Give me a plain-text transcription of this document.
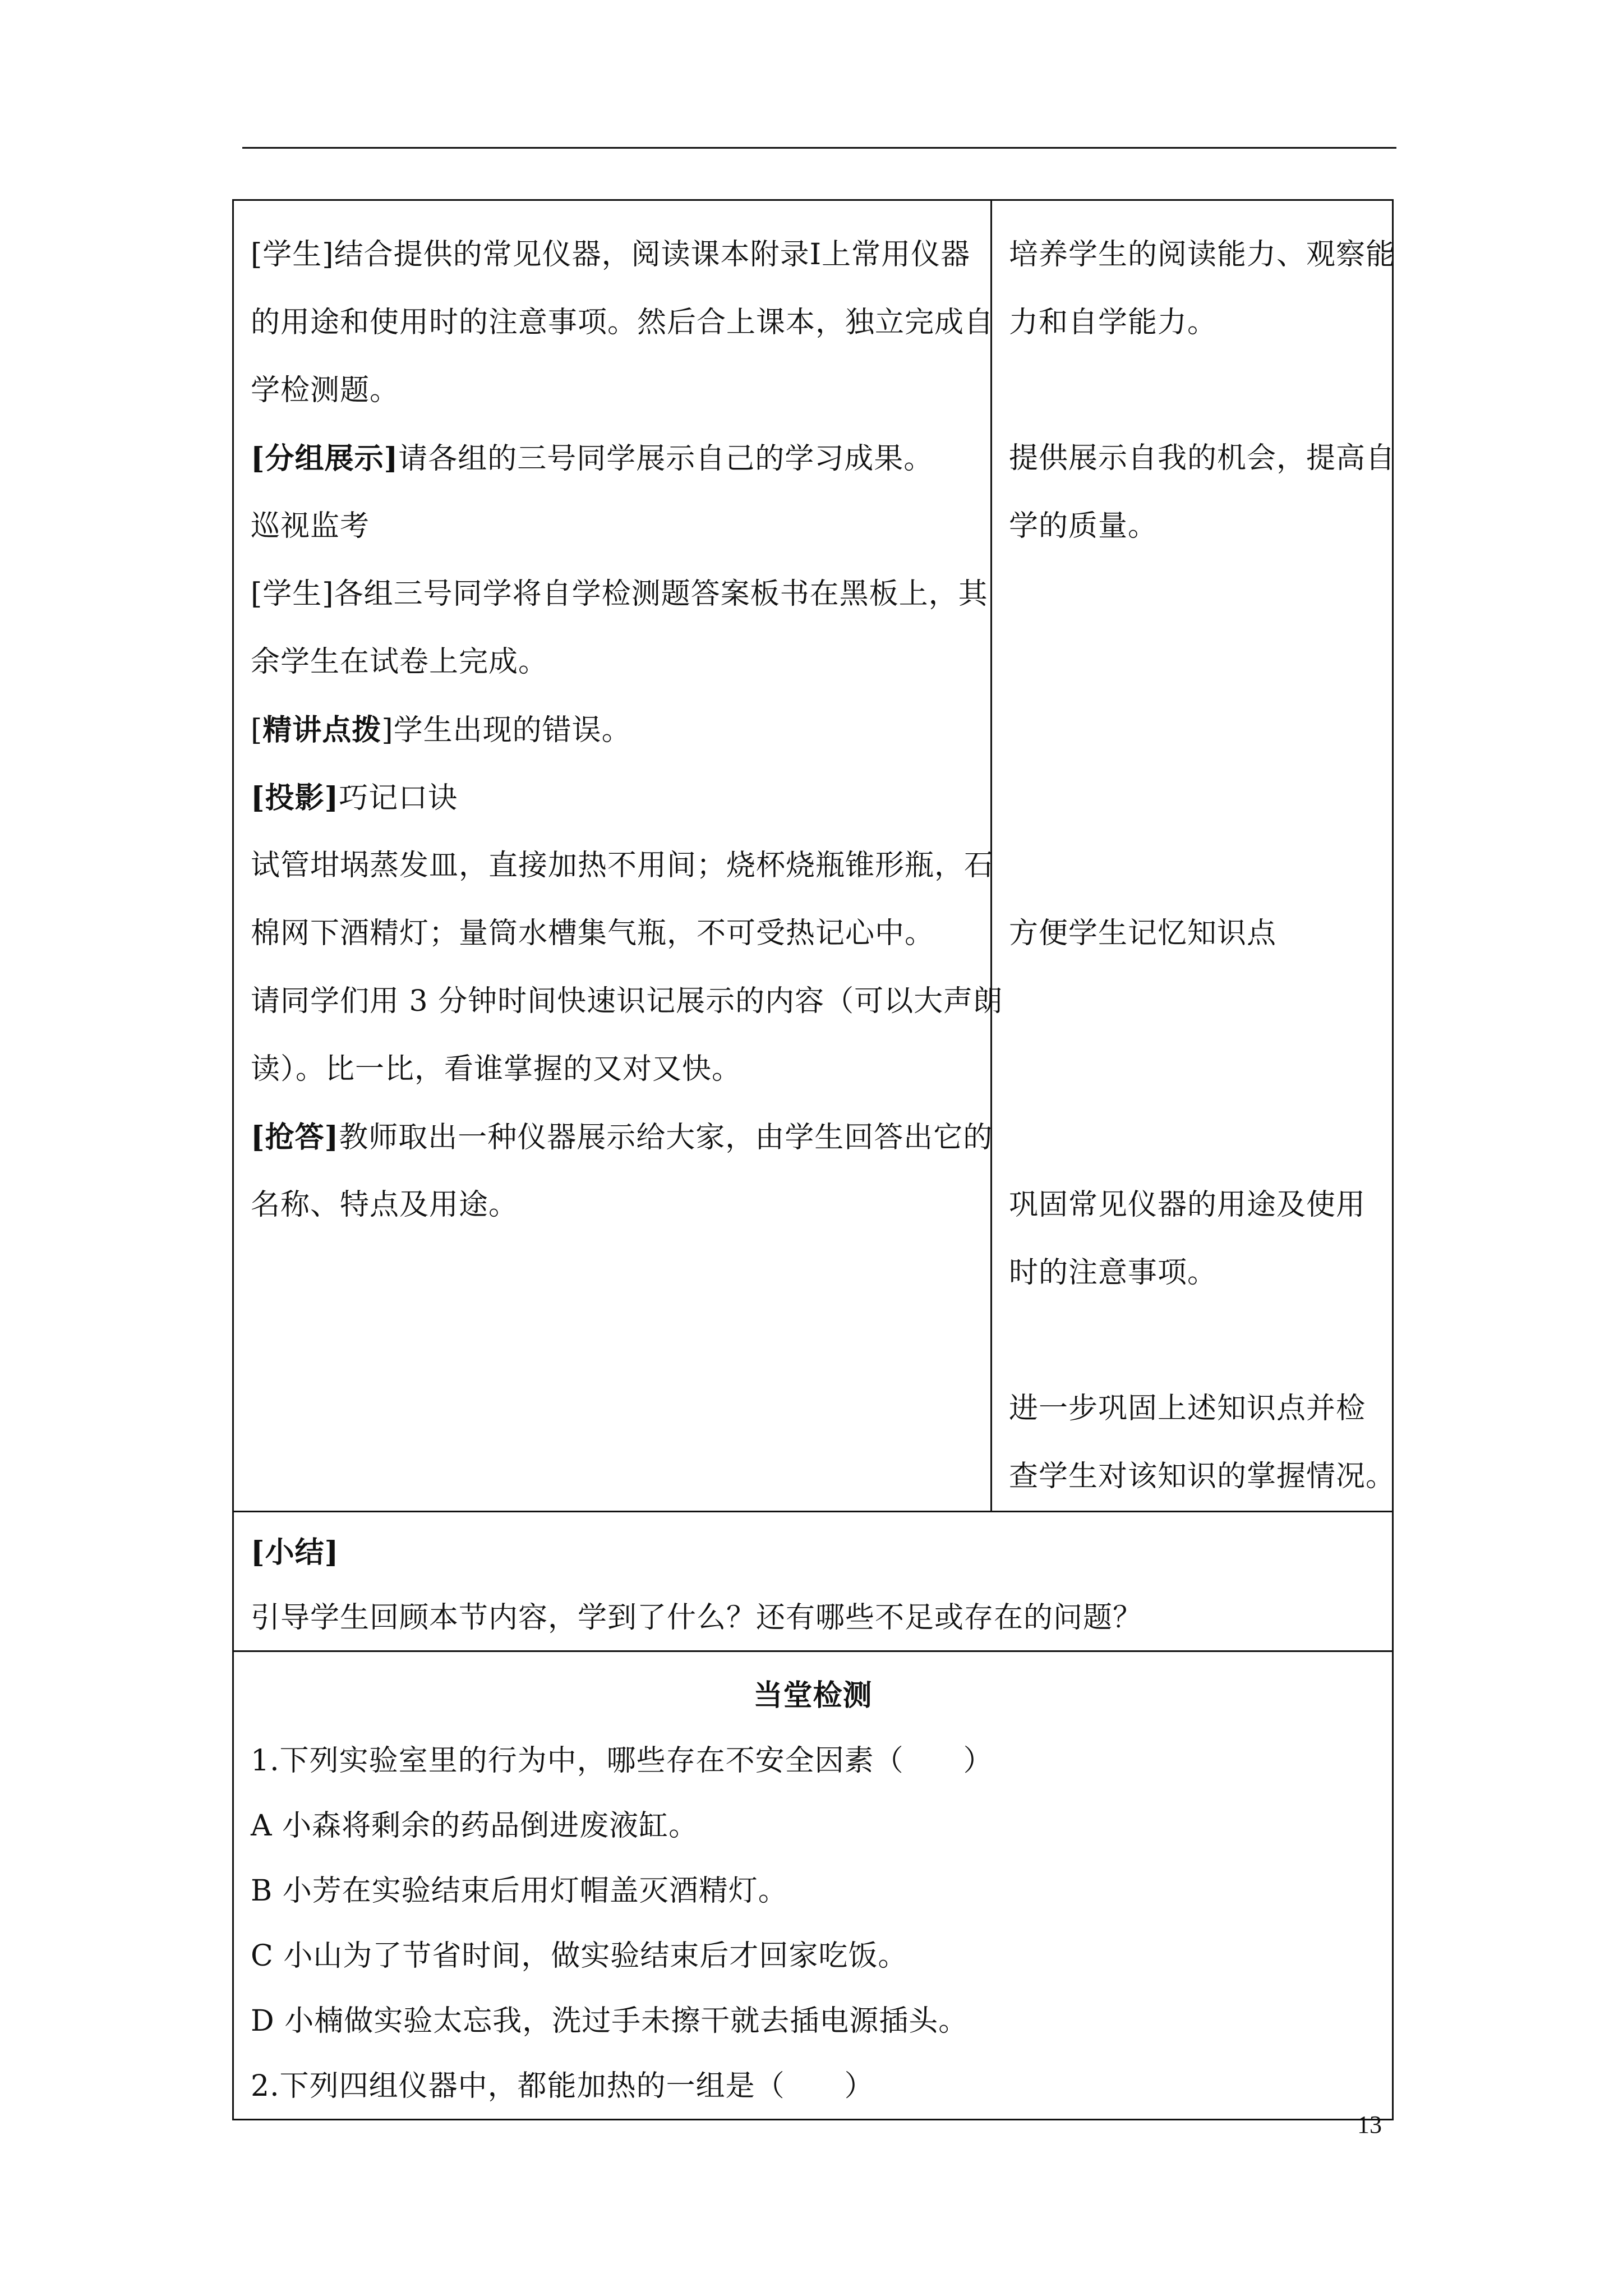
[学生]结合提供的常见仪器，阅读课本附录Ⅰ上常用仪器
的用途和使用时的注意事项。然后合上课本，独立完成自
学检测题。
[分组展示]请各组的三号同学展示自己的学习成果。
巡视监考
[学生]各组三号同学将自学检测题答案板书在黑板上，其
余学生在试卷上完成。
[精讲点拨]学生出现的错误。
[投影]巧记口诀
试管坩埚蒸发皿，直接加热不用间；烧杯烧瓶锥形瓶，石
棉网下酒精灯；量筒水槽集气瓶，不可受热记心中。
请同学们用 3 分钟时间快速识记展示的内容（可以大声朗
读）。比一比，看谁掌握的又对又快。
[抢答]教师取出一种仪器展示给大家，由学生回答出它的
名称、特点及用途。

培养学生的阅读能力、观察能
力和自学能力。
提供展示自我的机会，提高自
学的质量。
方便学生记忆知识点
巩固常见仪器的用途及使用
时的注意事项。
进一步巩固上述知识点并检
查学生对该知识的掌握情况。

[小结]
引导学生回顾本节内容，学到了什么？还有哪些不足或存在的问题？

当堂检测
1.下列实验室里的行为中，哪些存在不安全因素（　　）
A 小森将剩余的药品倒进废液缸。
B 小芳在实验结束后用灯帽盖灭酒精灯。
C 小山为了节省时间，做实验结束后才回家吃饭。
D 小楠做实验太忘我，洗过手未擦干就去插电源插头。
2.下列四组仪器中，都能加热的一组是（　　）
13
